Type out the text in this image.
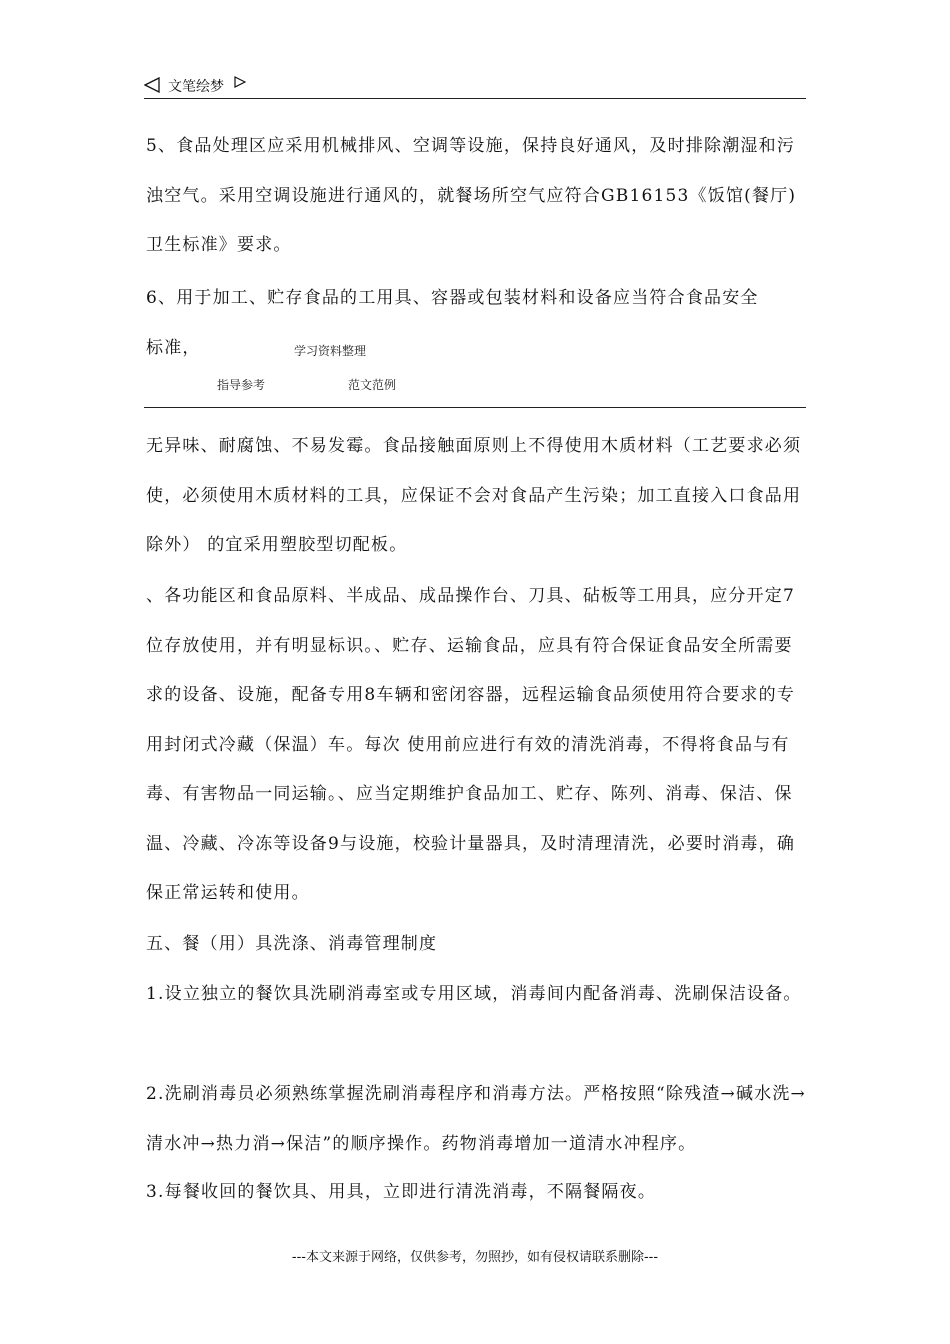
文笔绘梦

5、食品处理区应采用机械排风、空调等设施，保持良好通风，及时排除潮湿和污浊空气。采用空调设施进行通风的，就餐场所空气应符合GB16153《饭馆(餐厅)卫生标准》要求。

6、用于加工、贮存食品的工用具、容器或包装材料和设备应当符合食品安全

标准，	学习资料整理
指导参考	范文范例

无异味、耐腐蚀、不易发霉。食品接触面原则上不得使用木质材料（工艺要求必须使，必须使用木质材料的工具，应保证不会对食品产生污染；加工直接入口食品用除外） 的宜采用塑胶型切配板。

、各功能区和食品原料、半成品、成品操作台、刀具、砧板等工用具，应分开定7位存放使用，并有明显标识。、贮存、运输食品，应具有符合保证食品安全所需要求的设备、设施，配备专用8车辆和密闭容器，远程运输食品须使用符合要求的专用封闭式冷藏（保温）车。每次 使用前应进行有效的清洗消毒，不得将食品与有毒、有害物品一同运输。、应当定期维护食品加工、贮存、陈列、消毒、保洁、保温、冷藏、冷冻等设备9与设施，校验计量器具，及时清理清洗，必要时消毒，确保正常运转和使用。

五、餐（用）具洗涤、消毒管理制度

1.设立独立的餐饮具洗刷消毒室或专用区域，消毒间内配备消毒、洗刷保洁设备。

2.洗刷消毒员必须熟练掌握洗刷消毒程序和消毒方法。严格按照“除残渣→碱水洗→清水冲→热力消→保洁”的顺序操作。药物消毒增加一道清水冲程序。

3.每餐收回的餐饮具、用具，立即进行清洗消毒，不隔餐隔夜。

---本文来源于网络，仅供参考，勿照抄，如有侵权请联系删除---
